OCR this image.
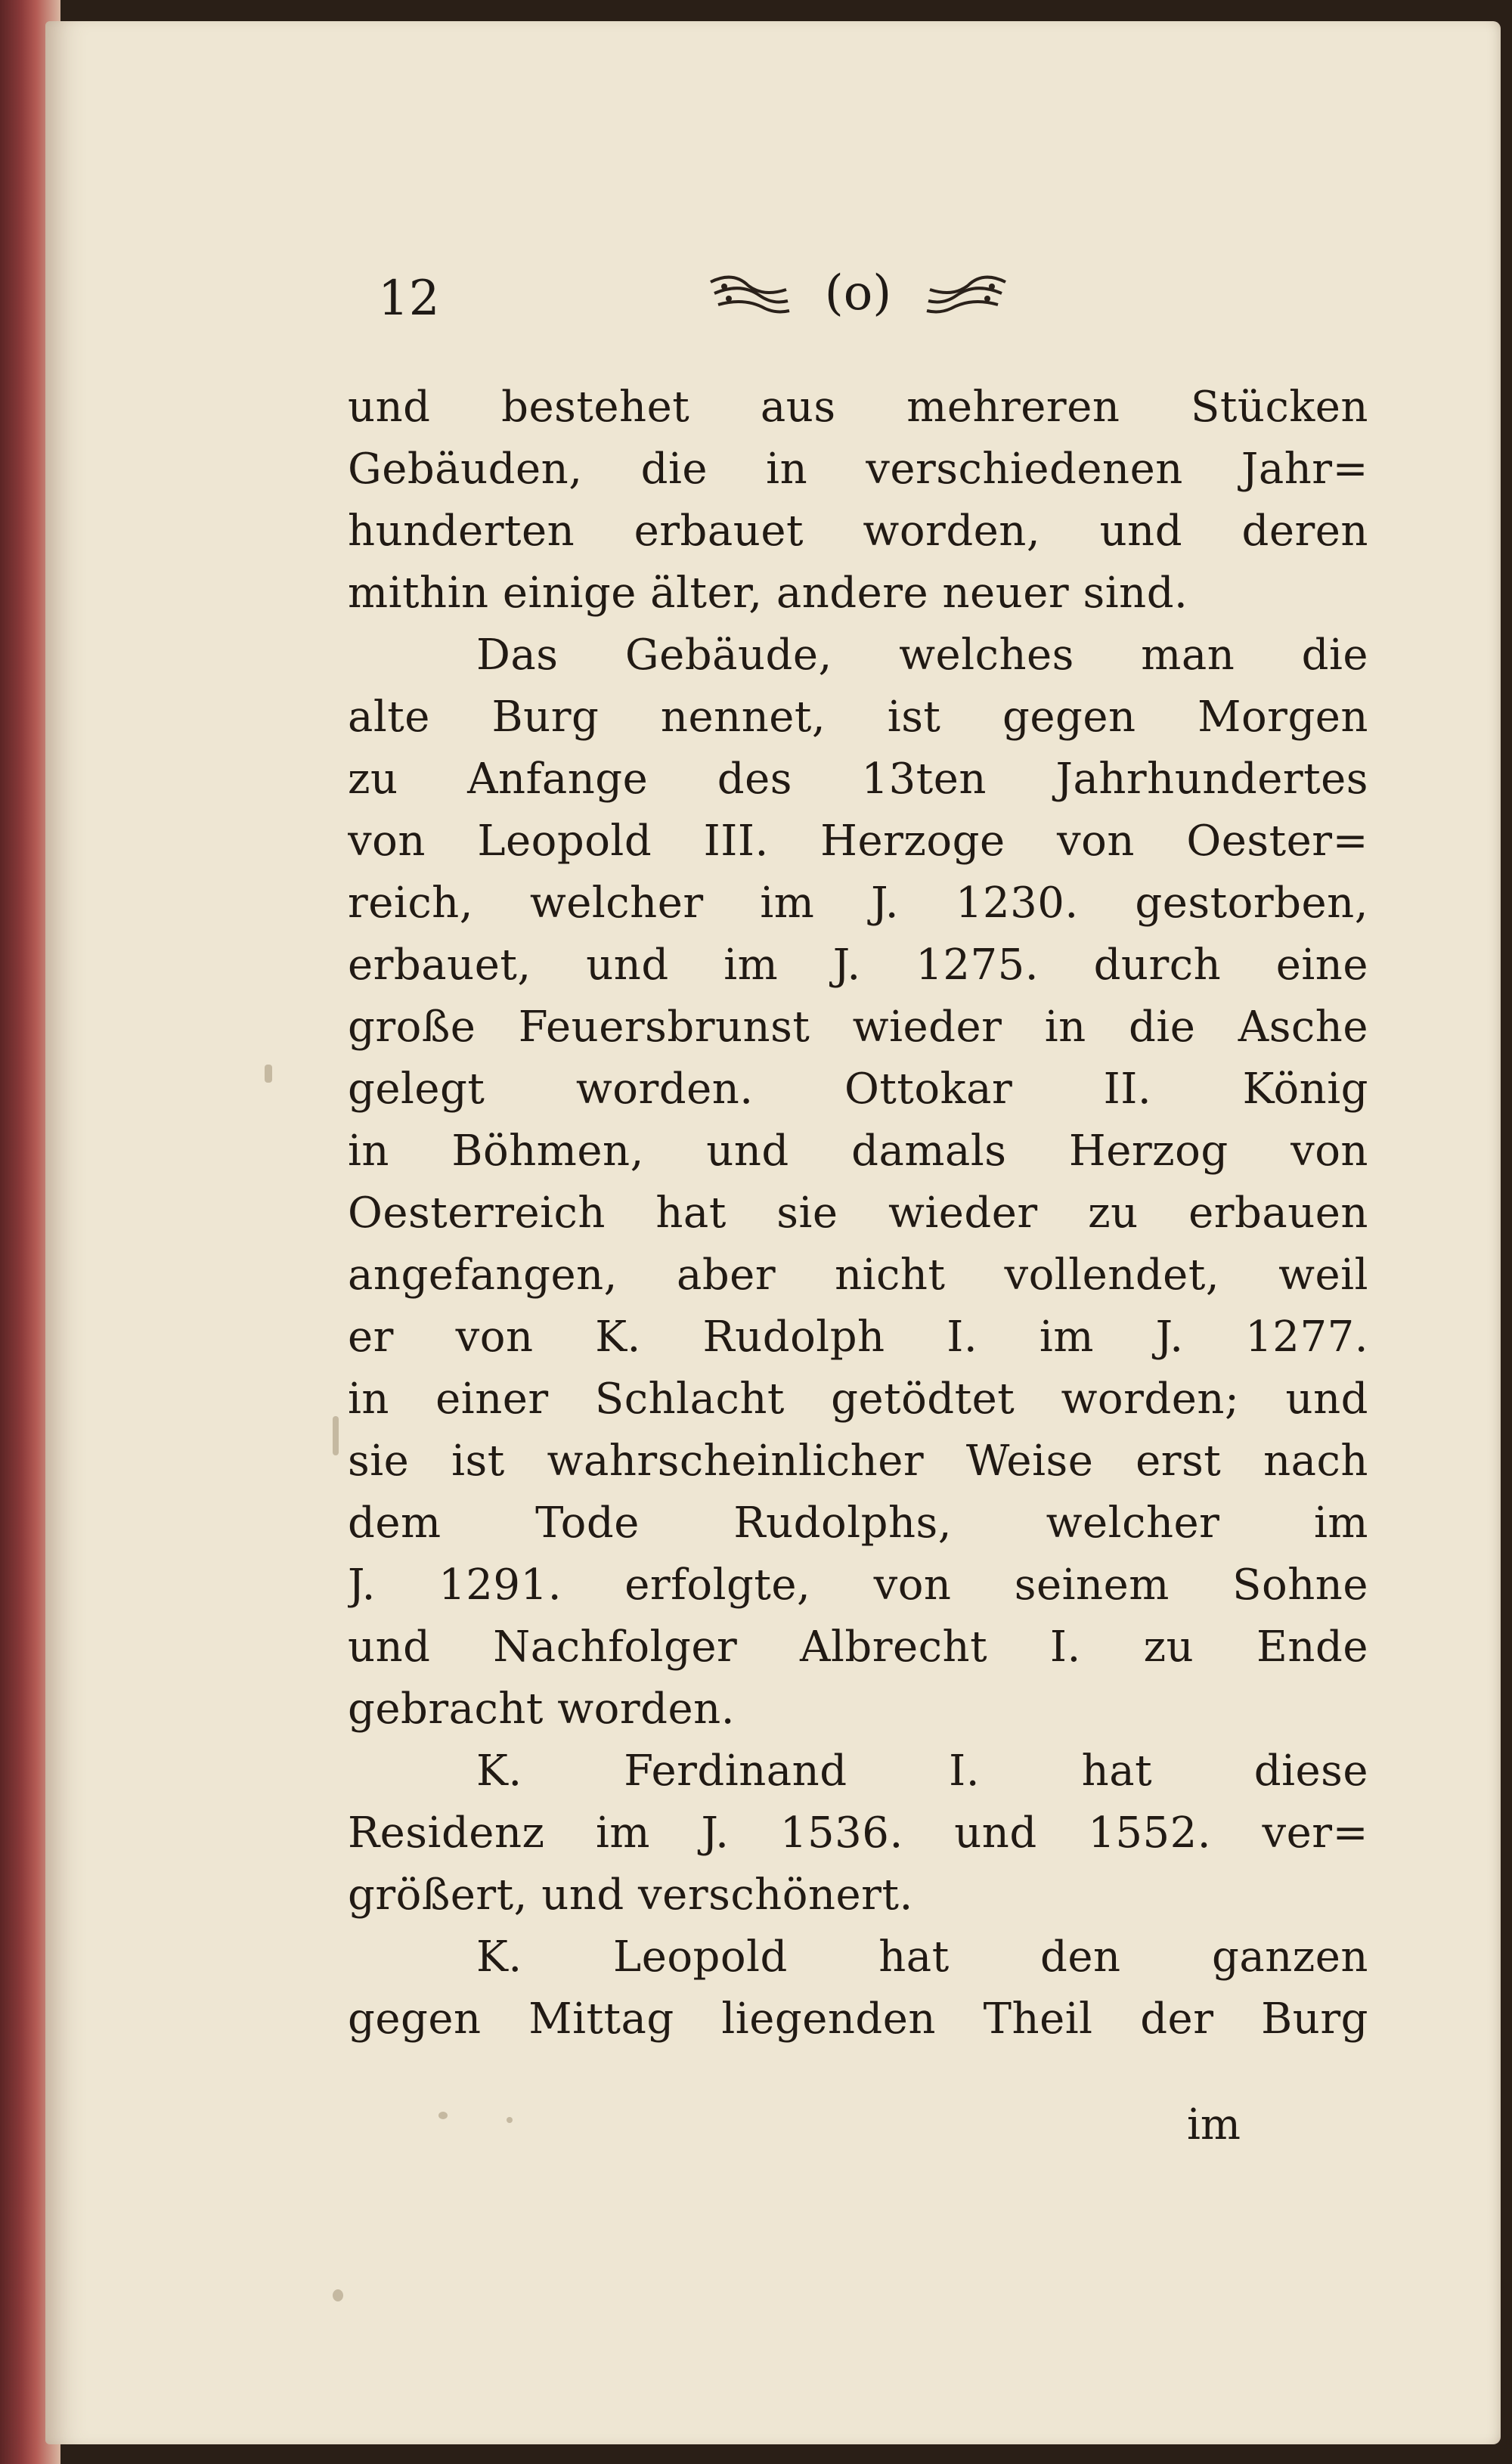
12	(o)
und bestehet aus mehreren Stücken
Gebäuden, die in verschiedenen Jahr=
hunderten erbauet worden, und deren
mithin einige älter, andere neuer sind.
Das Gebäude, welches man die
alte Burg nennet, ist gegen Morgen
zu Anfange des 13ten Jahrhundertes
von Leopold III. Herzoge von Oester=
reich, welcher im J. 1230. gestorben,
erbauet, und im J. 1275. durch eine
große Feuersbrunst wieder in die Asche
gelegt worden. Ottokar II. König
in Böhmen, und damals Herzog von
Oesterreich hat sie wieder zu erbauen
angefangen, aber nicht vollendet, weil
er von K. Rudolph I. im J. 1277.
in einer Schlacht getödtet worden; und
sie ist wahrscheinlicher Weise erst nach
dem Tode Rudolphs, welcher im
J. 1291. erfolgte, von seinem Sohne
und Nachfolger Albrecht I. zu Ende
gebracht worden.
K. Ferdinand I. hat diese
Residenz im J. 1536. und 1552. ver=
größert, und verschönert.
K. Leopold hat den ganzen
gegen Mittag liegenden Theil der Burg
im
